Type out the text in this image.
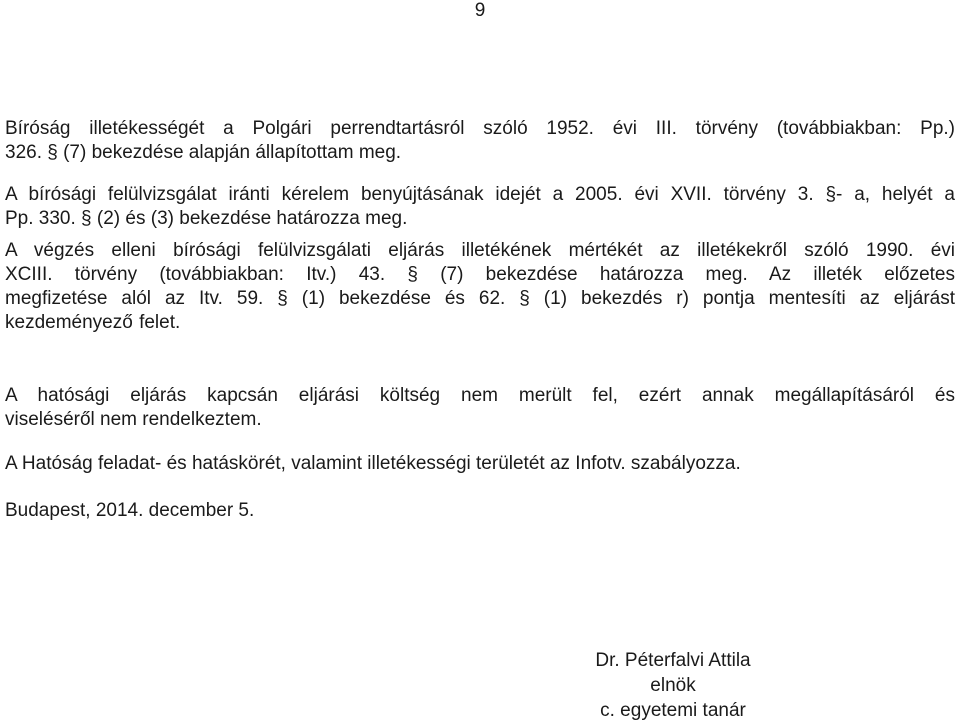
9

Bíróság illetékességét a Polgári perrendtartásról szóló 1952. évi III. törvény (továbbiakban: Pp.)
326. § (7) bekezdése alapján állapítottam meg.

A bírósági felülvizsgálat iránti kérelem benyújtásának idejét a 2005. évi XVII. törvény 3. §- a, helyét a
Pp. 330. § (2) és (3) bekezdése határozza meg.

A végzés elleni bírósági felülvizsgálati eljárás illetékének mértékét az illetékekről szóló 1990. évi
XCIII. törvény (továbbiakban: Itv.) 43. § (7) bekezdése határozza meg. Az illeték előzetes
megfizetése alól az Itv. 59. § (1) bekezdése és 62. § (1) bekezdés r) pontja mentesíti az eljárást
kezdeményező felet.

A hatósági eljárás kapcsán eljárási költség nem merült fel, ezért annak megállapításáról és
viseléséről nem rendelkeztem.

A Hatóság feladat- és hatáskörét, valamint illetékességi területét az Infotv. szabályozza.

Budapest, 2014. december 5.

Dr. Péterfalvi Attila
elnök
c. egyetemi tanár
